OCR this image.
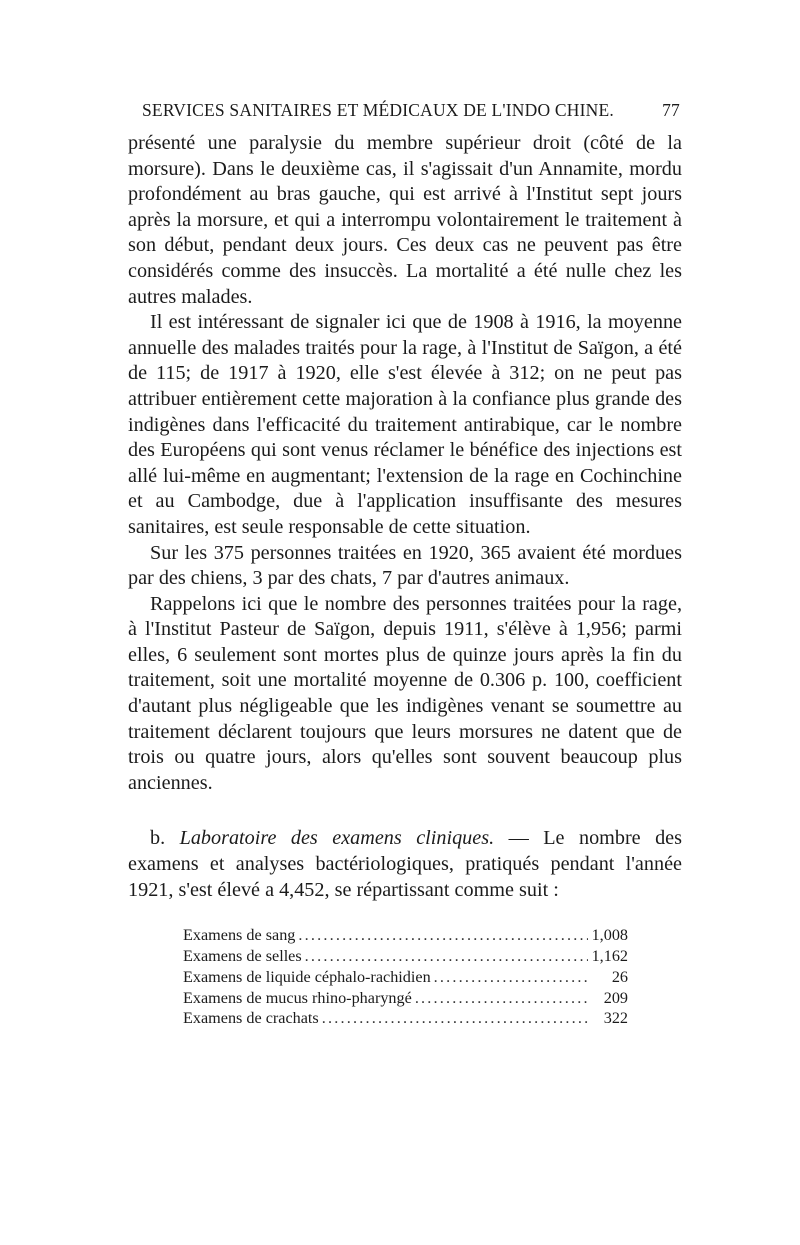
SERVICES SANITAIRES ET MÉDICAUX DE L'INDO CHINE.	77

présenté une paralysie du membre supérieur droit (côté de la morsure). Dans le deuxième cas, il s'agissait d'un Annamite, mordu profondément au bras gauche, qui est arrivé à l'Institut sept jours après la morsure, et qui a interrompu volontairement le traitement à son début, pendant deux jours. Ces deux cas ne peuvent pas être considérés comme des insuccès. La mortalité a été nulle chez les autres malades.

Il est intéressant de signaler ici que de 1908 à 1916, la moyenne annuelle des malades traités pour la rage, à l'Institut de Saïgon, a été de 115; de 1917 à 1920, elle s'est élevée à 312; on ne peut pas attribuer entièrement cette majoration à la confiance plus grande des indigènes dans l'efficacité du traitement antirabique, car le nombre des Européens qui sont venus réclamer le bénéfice des injections est allé lui-même en augmentant; l'extension de la rage en Cochinchine et au Cambodge, due à l'application insuffisante des mesures sanitaires, est seule responsable de cette situation.

Sur les 375 personnes traitées en 1920, 365 avaient été mordues par des chiens, 3 par des chats, 7 par d'autres animaux.

Rappelons ici que le nombre des personnes traitées pour la rage, à l'Institut Pasteur de Saïgon, depuis 1911, s'élève à 1,956; parmi elles, 6 seulement sont mortes plus de quinze jours après la fin du traitement, soit une mortalité moyenne de 0.306 p. 100, coefficient d'autant plus négligeable que les indigènes venant se soumettre au traitement déclarent toujours que leurs morsures ne datent que de trois ou quatre jours, alors qu'elles sont souvent beaucoup plus anciennes.

b. Laboratoire des examens cliniques. — Le nombre des examens et analyses bactériologiques, pratiqués pendant l'année 1921, s'est élevé a 4,452, se répartissant comme suit :

Examens de sang .....	1,008
Examens de selles .....	1,162
Examens de liquide céphalo-rachidien .....	26
Examens de mucus rhino-pharyngé .....	209
Examens de crachats .....	322
